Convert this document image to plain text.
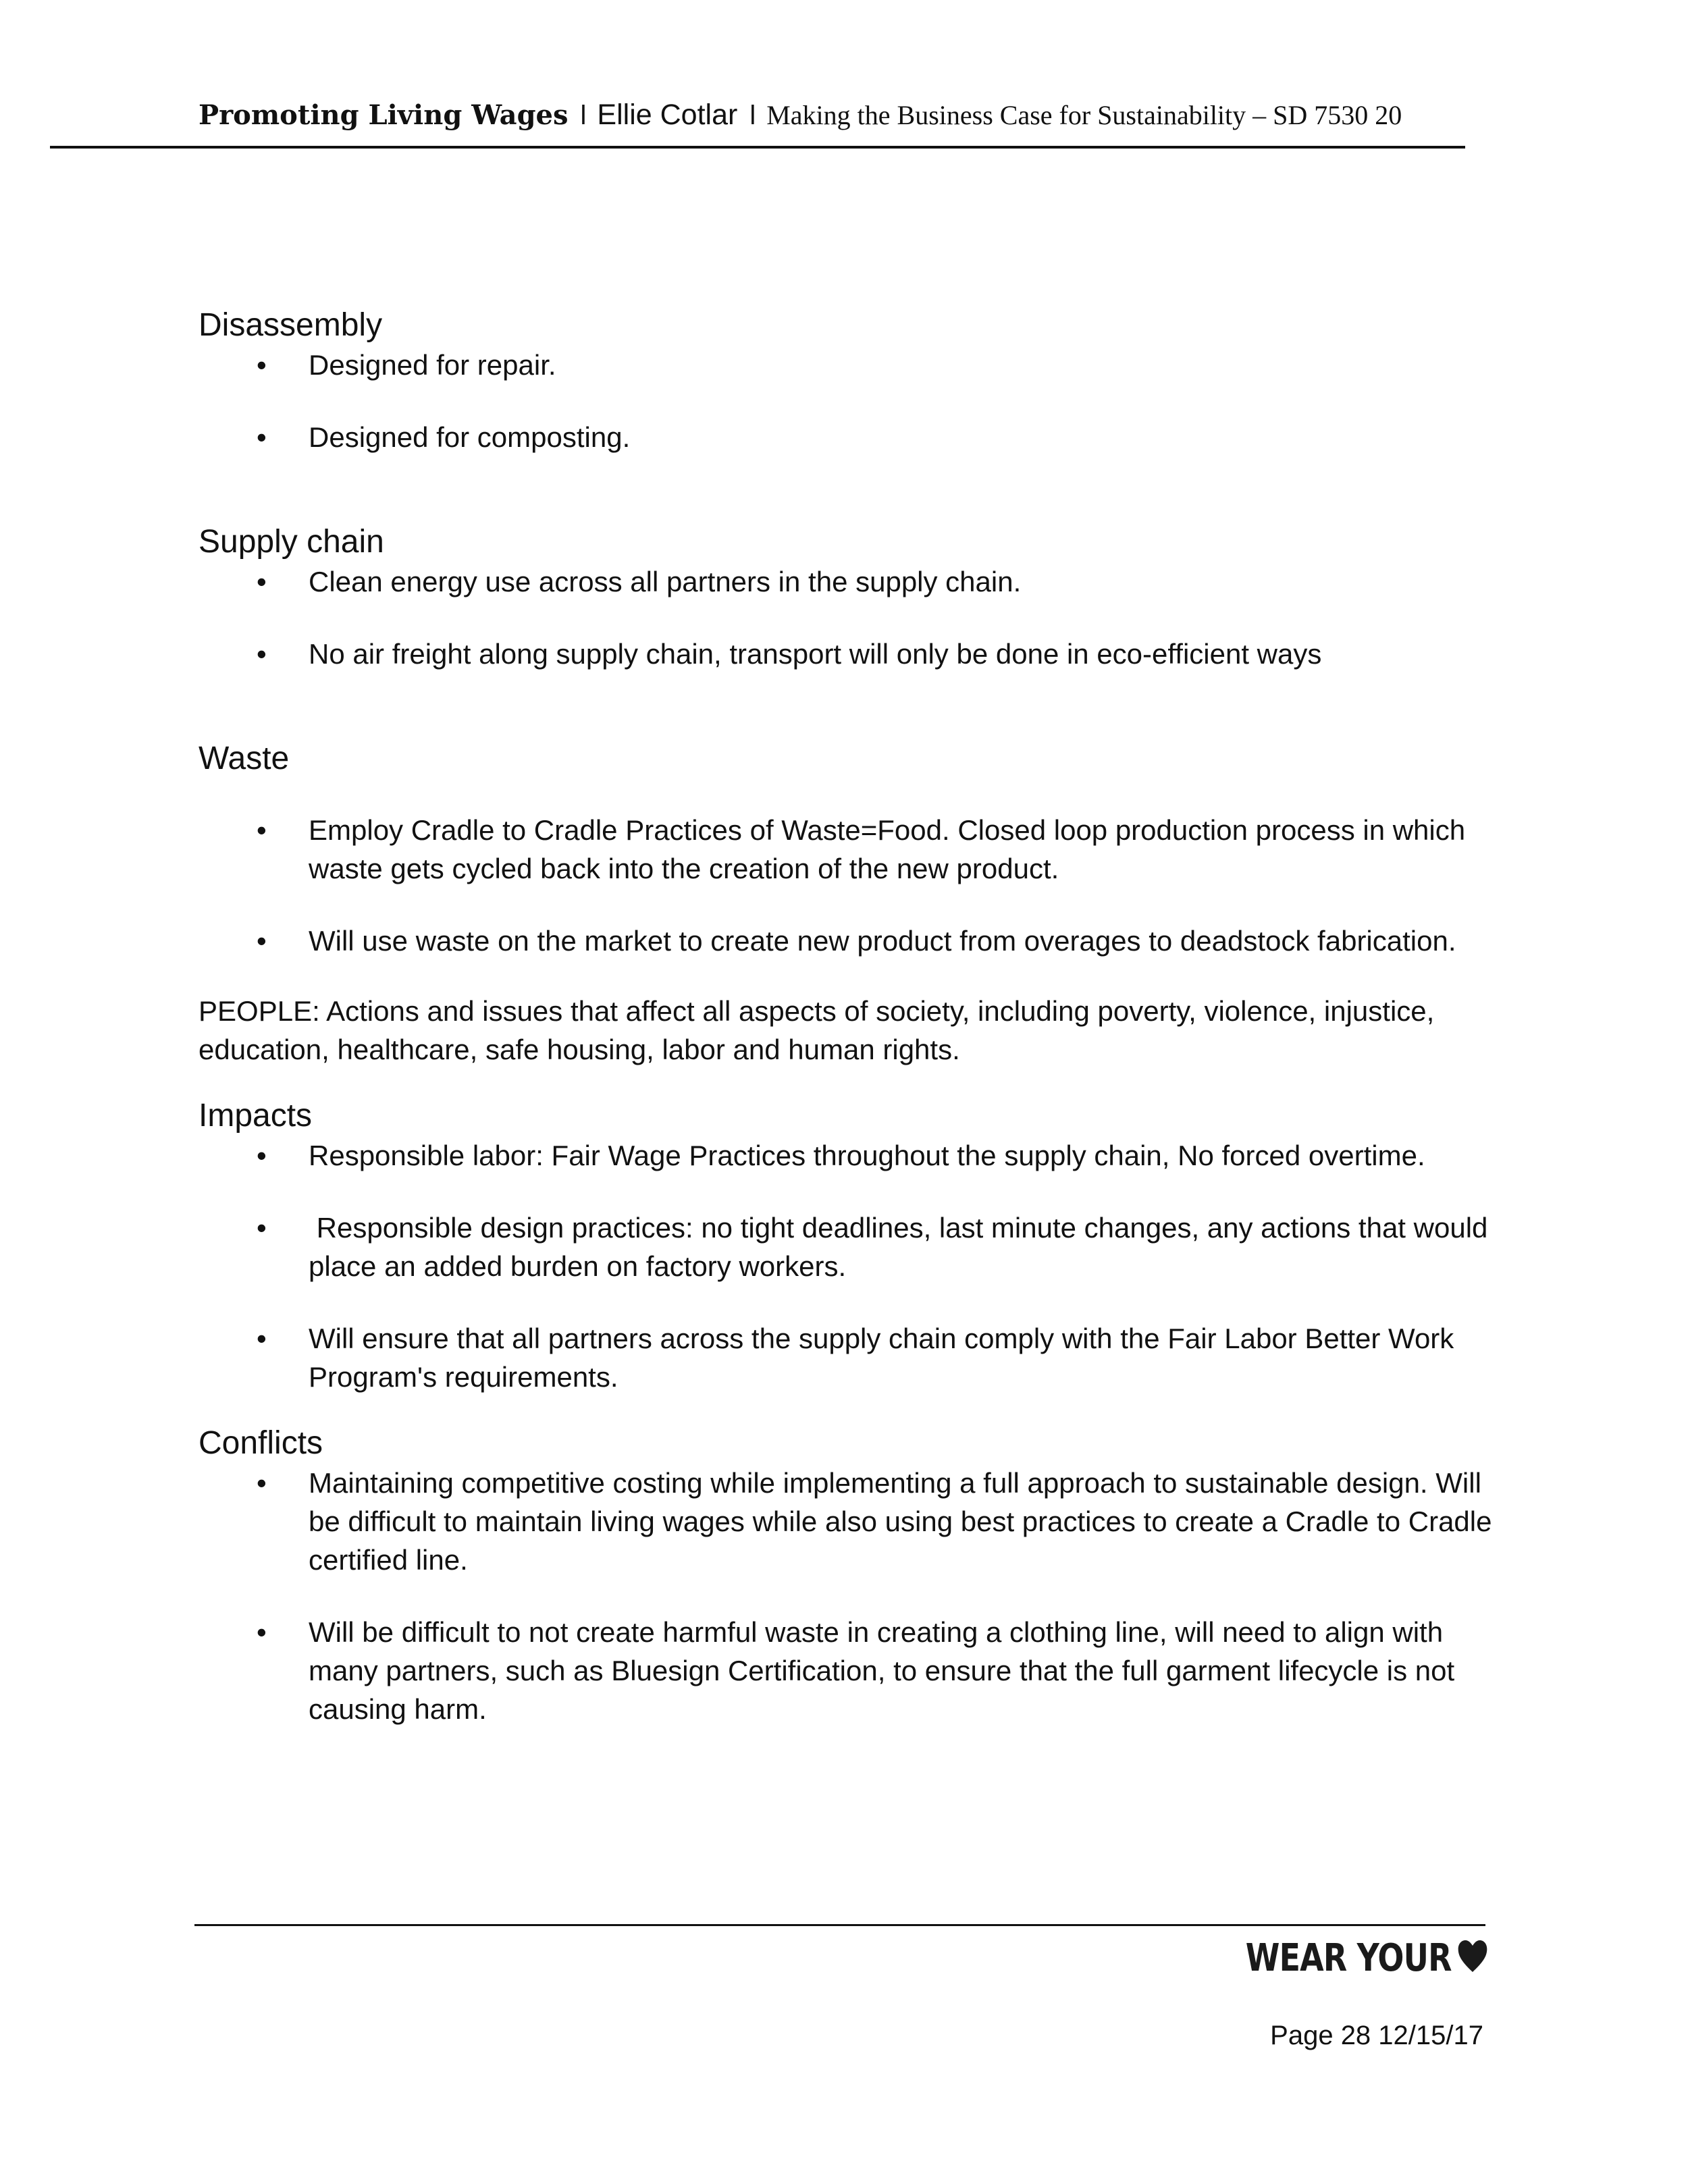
Promoting Living Wages l Ellie Cotlar l Making the Business Case for Sustainability – SD 7530 20
Disassembly
• Designed for repair.
• Designed for composting.
Supply chain
• Clean energy use across all partners in the supply chain.
• No air freight along supply chain, transport will only be done in eco-efficient ways
Waste
• Employ Cradle to Cradle Practices of Waste=Food. Closed loop production process in which waste gets cycled back into the creation of the new product.
• Will use waste on the market to create new product from overages to deadstock fabrication.

PEOPLE: Actions and issues that affect all aspects of society, including poverty, violence, injustice, education, healthcare, safe housing, labor and human rights.

Impacts
• Responsible labor: Fair Wage Practices throughout the supply chain, No forced overtime.
• Responsible design practices: no tight deadlines, last minute changes, any actions that would place an added burden on factory workers.
• Will ensure that all partners across the supply chain comply with the Fair Labor Better Work Program's requirements.
Conflicts
• Maintaining competitive costing while implementing a full approach to sustainable design. Will be difficult to maintain living wages while also using best practices to create a Cradle to Cradle certified line.
• Will be difficult to not create harmful waste in creating a clothing line, will need to align with many partners, such as Bluesign Certification, to ensure that the full garment lifecycle is not causing harm.
WEAR YOUR
Page 28 12/15/17
